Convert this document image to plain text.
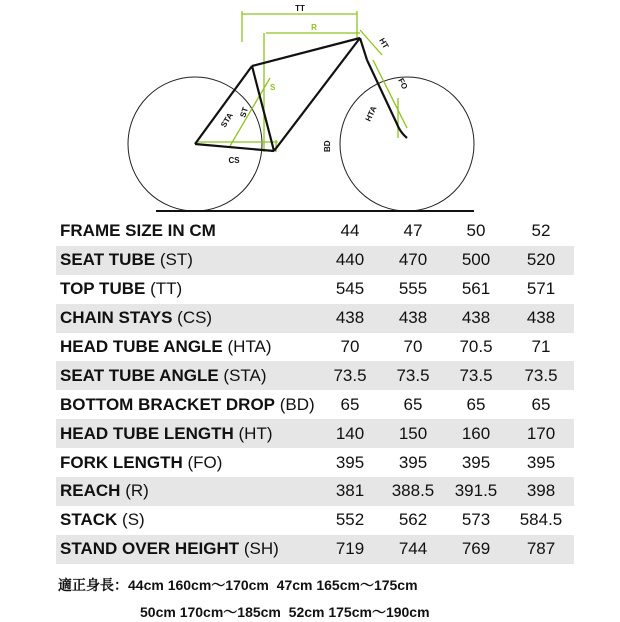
TT
R
HT
S	FO
HTA
STA ST
BD
CS
FRAME SIZE IN CM	44	47	50	52
SEAT TUBE (ST)	440	470	500	520
TOP TUBE (TT)	545	555	561	571
CHAIN STAYS (CS)	438	438	438	438
HEAD TUBE ANGLE (HTA)	70	70	70.5	71
SEAT TUBE ANGLE (STA)	73.5	73.5	73.5	73.5
BOTTOM BRACKET DROP (BD)	65	65	65	65
HEAD TUBE LENGTH (HT)	140	150	160	170
FORK LENGTH (FO)	395	395	395	395
REACH (R)	381	388.5	391.5	398
STACK (S)	552	562	573	584.5
STAND OVER HEIGHT (SH)	719	744	769	787
適正身長：44cm 160cm～170cm  47cm 165cm～175cm
50cm 170cm～185cm  52cm 175cm～190cm
